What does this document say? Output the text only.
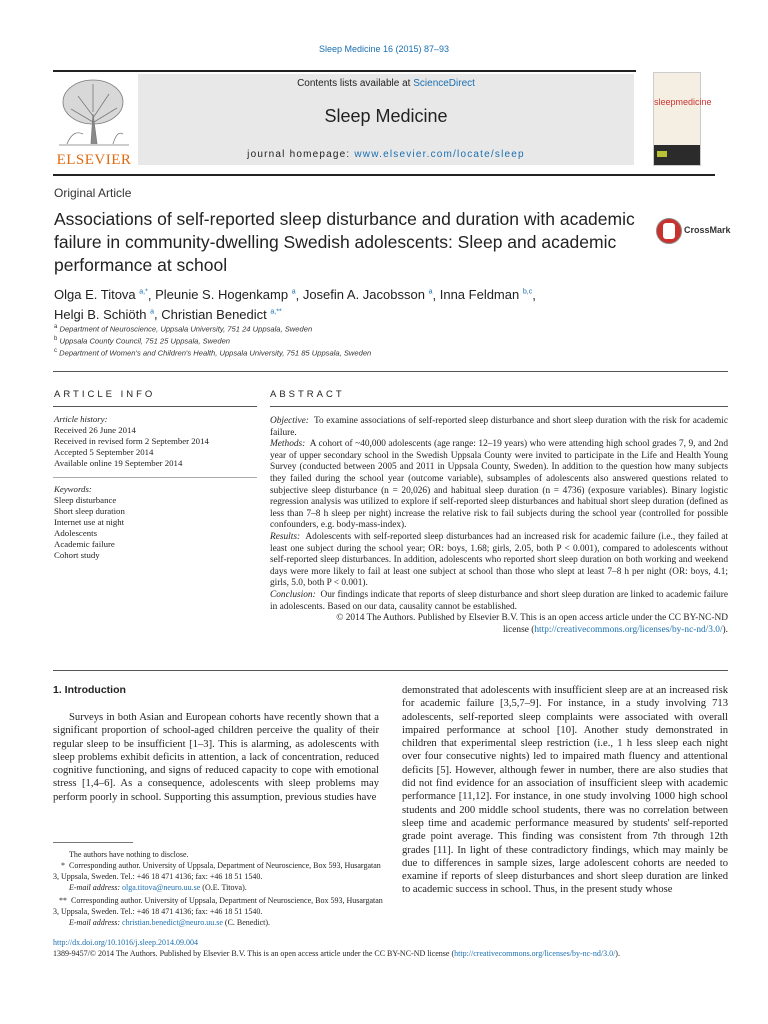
Sleep Medicine 16 (2015) 87–93
ELSEVIER
Contents lists available at ScienceDirect
Sleep Medicine
journal homepage: www.elsevier.com/locate/sleep
sleepmedicine
Original Article
Associations of self-reported sleep disturbance and duration with academic failure in community-dwelling Swedish adolescents: Sleep and academic performance at school
CrossMark
Olga E. Titova $^{a,*}$, Pleunie S. Hogenkamp $^a$, Josefin A. Jacobsson $^a$, Inna Feldman $^{b,c}$,
Helgi B. Schiöth $^a$, Christian Benedict $^{a,**}$
$^a$ Department of Neuroscience, Uppsala University, 751 24 Uppsala, Sweden
$^b$ Uppsala County Council, 751 25 Uppsala, Sweden
$^c$ Department of Women's and Children's Health, Uppsala University, 751 85 Uppsala, Sweden
ARTICLE INFO
Article history:
Received 26 June 2014
Received in revised form 2 September 2014
Accepted 5 September 2014
Available online 19 September 2014
Keywords:
Sleep disturbance
Short sleep duration
Internet use at night
Adolescents
Academic failure
Cohort study
ABSTRACT

Objective: To examine associations of self-reported sleep disturbance and short sleep duration with the risk for academic failure.

Methods: A cohort of ~40,000 adolescents (age range: 12–19 years) who were attending high school grades 7, 9, and 2nd year of upper secondary school in the Swedish Uppsala County were invited to participate in the Life and Health Young Survey (conducted between 2005 and 2011 in Uppsala County, Sweden). In addition to the question how many subjects they failed during the school year (outcome variable), subsamples of adolescents also answered questions related to subjective sleep disturbance (n = 20,026) and habitual sleep duration (n = 4736) (exposure variables). Binary logistic regression analysis was utilized to explore if self-reported sleep disturbances and habitual short sleep duration (defined as less than 7–8 h sleep per night) increase the relative risk to fail subjects during the school year (controlled for possible confounders, e.g. body-mass-index).

Results: Adolescents with self-reported sleep disturbances had an increased risk for academic failure (i.e., they failed at least one subject during the school year; OR: boys, 1.68; girls, 2.05, both P < 0.001), compared to adolescents without self-reported sleep disturbances. In addition, adolescents who reported short sleep duration on both working and weekend days were more likely to fail at least one subject at school than those who slept at least 7–8 h per night (OR: boys, 4.1; girls, 5.0, both P < 0.001).

Conclusion: Our findings indicate that reports of sleep disturbance and short sleep duration are linked to academic failure in adolescents. Based on our data, causality cannot be established.

© 2014 The Authors. Published by Elsevier B.V. This is an open access article under the CC BY-NC-ND
license (http://creativecommons.org/licenses/by-nc-nd/3.0/).

1. Introduction
Surveys in both Asian and European cohorts have recently shown that a significant proportion of school-aged children perceive the quality of their regular sleep to be insufficient [1–3]. This is alarming, as adolescents with sleep problems exhibit deficits in attention, a lack of concentration, reduced cognitive functioning, and signs of reduced capacity to cope with emotional stress [1,4–6]. As a consequence, adolescents with sleep problems may perform poorly in school. Supporting this assumption, previous studies have
demonstrated that adolescents with insufficient sleep are at an increased risk for academic failure [3,5,7–9]. For instance, in a study involving 713 adolescents, self-reported sleep complaints were associated with overall impaired performance at school [10]. Another study demonstrated in children that experimental sleep restriction (i.e., 1 h less sleep each night over four consecutive nights) led to impaired math fluency and attentional deficits [5]. However, although fewer in number, there are also studies that did not find evidence for an association of insufficient sleep with academic performance [11,12]. For instance, in one study involving 1000 high school students and 200 middle school students, there was no correlation between sleep time and academic performance measured by students' self-reported grade point average. This finding was consistent from 7th through 12th grades [11]. In light of these contradictory findings, which may mainly be due to differences in sample sizes, large adolescent cohorts are needed to examine if reports of sleep disturbances and short sleep duration are linked to academic success in school. Thus, in the present study whose
The authors have nothing to disclose.
* Corresponding author. University of Uppsala, Department of Neuroscience, Box 593, Husargatan 3, Uppsala, Sweden. Tel.: +46 18 471 4136; fax: +46 18 51 1540.
E-mail address: olga.titova@neuro.uu.se (O.E. Titova).
** Corresponding author. University of Uppsala, Department of Neuroscience, Box 593, Husargatan 3, Uppsala, Sweden. Tel.: +46 18 471 4136; fax: +46 18 51 1540.
E-mail address: christian.benedict@neuro.uu.se (C. Benedict).
http://dx.doi.org/10.1016/j.sleep.2014.09.004
1389-9457/© 2014 The Authors. Published by Elsevier B.V. This is an open access article under the CC BY-NC-ND license (http://creativecommons.org/licenses/by-nc-nd/3.0/).
